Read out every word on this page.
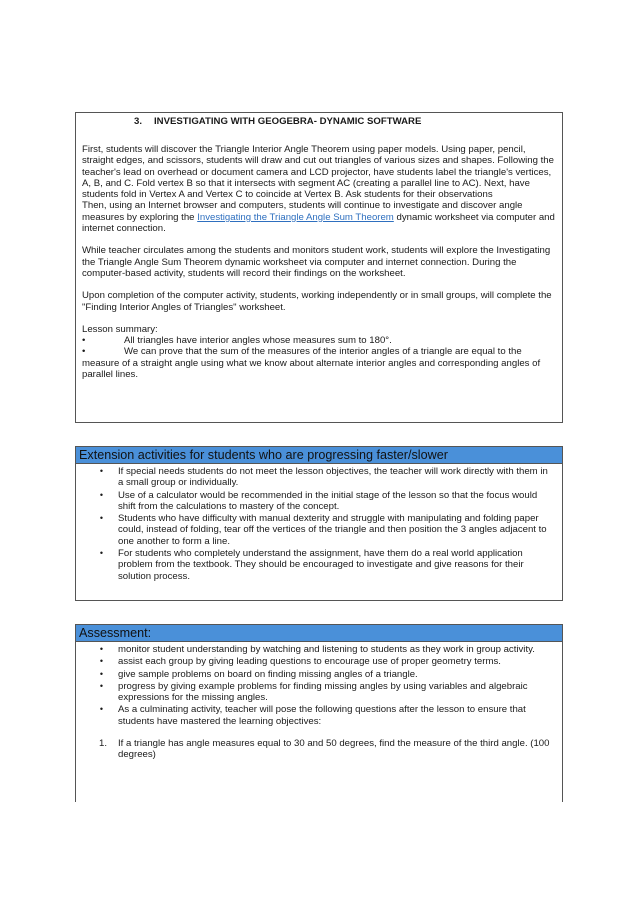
3. INVESTIGATING WITH GEOGEBRA- DYNAMIC SOFTWARE

First, students will discover the Triangle Interior Angle Theorem using paper models. Using paper, pencil, straight edges, and scissors, students will draw and cut out triangles of various sizes and shapes. Following the teacher's lead on overhead or document camera and LCD projector, have students label the triangle's vertices, A, B, and C. Fold vertex B so that it intersects with segment AC (creating a parallel line to AC). Next, have students fold in Vertex A and Vertex C to coincide at Vertex B. Ask students for their observations

Then, using an Internet browser and computers, students will continue to investigate and discover angle measures by exploring the Investigating the Triangle Angle Sum Theorem dynamic worksheet via computer and internet connection.

While teacher circulates among the students and monitors student work, students will explore the Investigating the Triangle Angle Sum Theorem dynamic worksheet via computer and internet connection. During the computer-based activity, students will record their findings on the worksheet.

Upon completion of the computer activity, students, working independently or in small groups, will complete the "Finding Interior Angles of Triangles" worksheet.

Lesson summary:
•	All triangles have interior angles whose measures sum to 180°.
•	We can prove that the sum of the measures of the interior angles of a triangle are equal to the
measure of a straight angle using what we know about alternate interior angles and corresponding angles of parallel lines.
Extension activities for students who are progressing faster/slower
•	If special needs students do not meet the lesson objectives, the teacher will work directly with them in a small group or individually.
•	Use of a calculator would be recommended in the initial stage of the lesson so that the focus would shift from the calculations to mastery of the concept.
•	Students who have difficulty with manual dexterity and struggle with manipulating and folding paper could, instead of folding, tear off the vertices of the triangle and then position the 3 angles adjacent to one another to form a line.
•	For students who completely understand the assignment, have them do a real world application problem from the textbook. They should be encouraged to investigate and give reasons for their solution process.
Assessment:
•	monitor student understanding by watching and listening to students as they work in group activity.
•	assist each group by giving leading questions to encourage use of proper geometry terms.
•	give sample problems on board on finding missing angles of a triangle.
•	progress by giving example problems for finding missing angles by using variables and algebraic expressions for the missing angles.
•	As a culminating activity, teacher will pose the following questions after the lesson to ensure that students have mastered the learning objectives:
1.	If a triangle has angle measures equal to 30 and 50 degrees, find the measure of the third angle. (100 degrees)
